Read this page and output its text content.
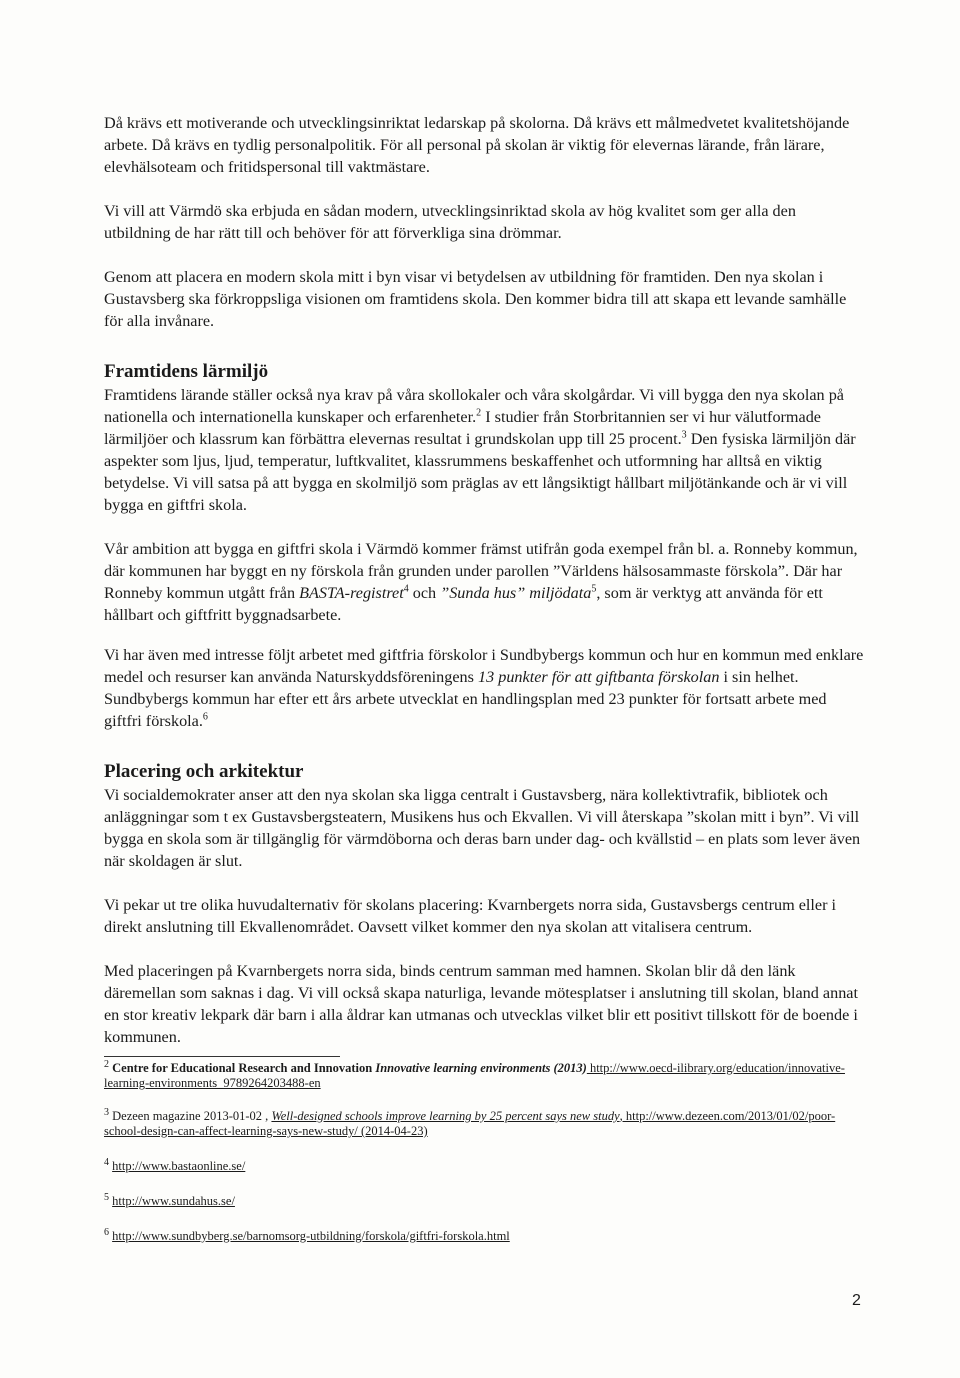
Då krävs ett motiverande och utvecklingsinriktat ledarskap på skolorna. Då krävs ett målmedvetet kvalitetshöjande arbete. Då krävs en tydlig personalpolitik. För all personal på skolan är viktig för elevernas lärande, från lärare, elevhälsoteam och fritidspersonal till vaktmästare.

Vi vill att Värmdö ska erbjuda en sådan modern, utvecklingsinriktad skola av hög kvalitet som ger alla den utbildning de har rätt till och behöver för att förverkliga sina drömmar.

Genom att placera en modern skola mitt i byn visar vi betydelsen av utbildning för framtiden. Den nya skolan i Gustavsberg ska förkroppsliga visionen om framtidens skola. Den kommer bidra till att skapa ett levande samhälle för alla invånare.

Framtidens lärmiljö

Framtidens lärande ställer också nya krav på våra skollokaler och våra skolgårdar. Vi vill bygga den nya skolan på nationella och internationella kunskaper och erfarenheter.$^2$ I studier från Storbritannien ser vi hur välutformade lärmiljöer och klassrum kan förbättra elevernas resultat i grundskolan upp till 25 procent.$^3$ Den fysiska lärmiljön där aspekter som ljus, ljud, temperatur, luftkvalitet, klassrummens beskaffenhet och utformning har alltså en viktig betydelse. Vi vill satsa på att bygga en skolmiljö som präglas av ett långsiktigt hållbart miljötänkande och är vi vill bygga en giftfri skola.

Vår ambition att bygga en giftfri skola i Värmdö kommer främst utifrån goda exempel från bl. a. Ronneby kommun, där kommunen har byggt en ny förskola från grunden under parollen ”Världens hälsosammaste förskola”. Där har Ronneby kommun utgått från BASTA-registret$^4$ och ”Sunda hus” miljödata$^5$, som är verktyg att använda för ett hållbart och giftfritt byggnadsarbete.

Vi har även med intresse följt arbetet med giftfria förskolor i Sundbybergs kommun och hur en kommun med enklare medel och resurser kan använda Naturskyddsföreningens 13 punkter för att giftbanta förskolan i sin helhet. Sundbybergs kommun har efter ett års arbete utvecklat en handlingsplan med 23 punkter för fortsatt arbete med giftfri förskola.$^6$

Placering och arkitektur

Vi socialdemokrater anser att den nya skolan ska ligga centralt i Gustavsberg, nära kollektivtrafik, bibliotek och anläggningar som t ex Gustavsbergsteatern, Musikens hus och Ekvallen. Vi vill återskapa ”skolan mitt i byn”. Vi vill bygga en skola som är tillgänglig för värmdöborna och deras barn under dag- och kvällstid – en plats som lever även när skoldagen är slut.

Vi pekar ut tre olika huvudalternativ för skolans placering: Kvarnbergets norra sida, Gustavsbergs centrum eller i direkt anslutning till Ekvallenområdet. Oavsett vilket kommer den nya skolan att vitalisera centrum.

Med placeringen på Kvarnbergets norra sida, binds centrum samman med hamnen. Skolan blir då den länk däremellan som saknas i dag. Vi vill också skapa naturliga, levande mötesplatser i anslutning till skolan, bland annat en stor kreativ lekpark där barn i alla åldrar kan utmanas och utvecklas vilket blir ett positivt tillskott för de boende i kommunen.

$^2$ Centre for Educational Research and Innovation Innovative learning environments (2013) http://www.oecd-ilibrary.org/education/innovative-learning-environments_9789264203488-en

$^3$ Dezeen magazine 2013-01-02 , Well-designed schools improve learning by 25 percent says new study, http://www.dezeen.com/2013/01/02/poor-school-design-can-affect-learning-says-new-study/ (2014-04-23)

$^4$ http://www.bastaonline.se/

$^5$ http://www.sundahus.se/

$^6$ http://www.sundbyberg.se/barnomsorg-utbildning/forskola/giftfri-forskola.html

2
